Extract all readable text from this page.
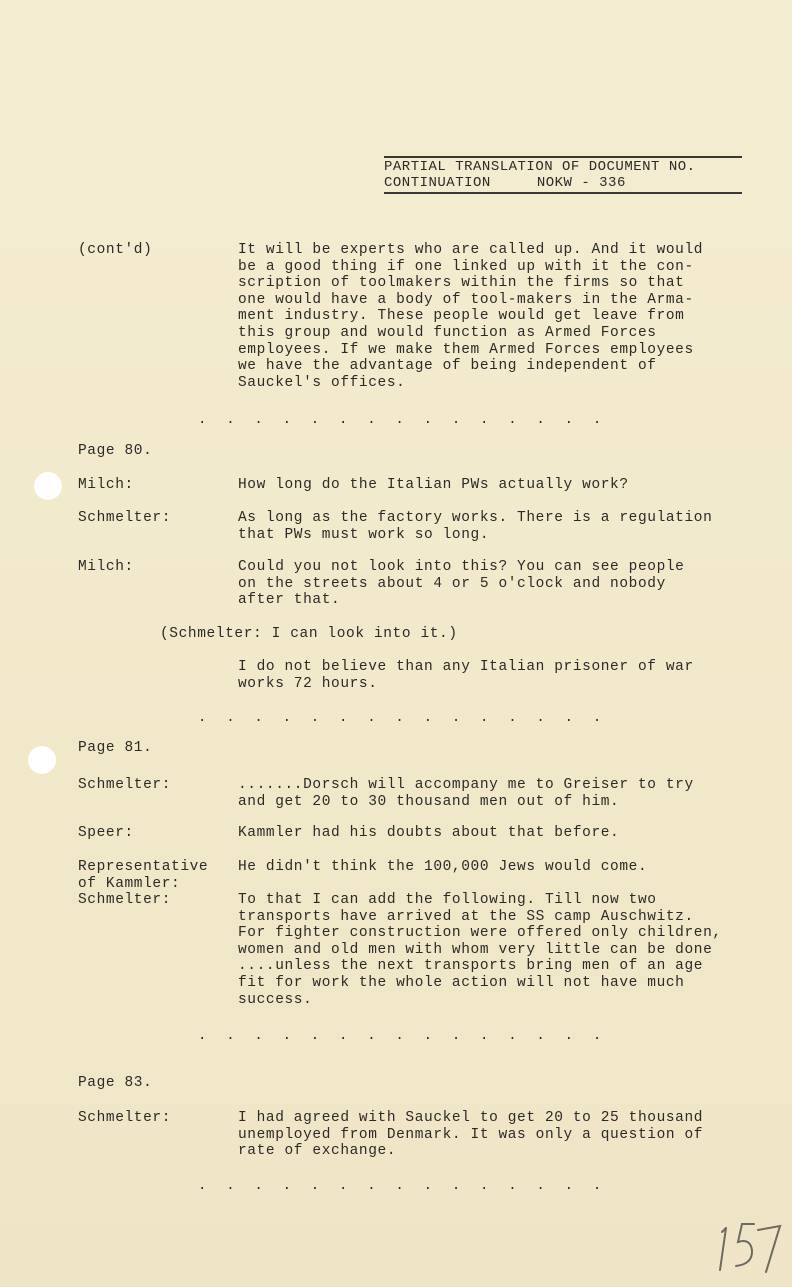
PARTIAL TRANSLATION OF DOCUMENT NO.
CONTINUATION	NOKW - 336
(cont'd)	It will be experts who are called up. And it would
be a good thing if one linked up with it the con-
scription of toolmakers within the firms so that
one would have a body of tool-makers in the Arma-
ment industry. These people would get leave from
this group and would function as Armed Forces
employees. If we make them Armed Forces employees
we have the advantage of being independent of
Sauckel's offices.
. . . . . . . . . . . . . . .
Page 80.
Milch:	How long do the Italian PWs actually work?
Schmelter:	As long as the factory works. There is a regulation
that PWs must work so long.
Milch:	Could you not look into this? You can see people
on the streets about 4 or 5 o'clock and nobody
after that.
(Schmelter: I can look into it.)
I do not believe than any Italian prisoner of war
works 72 hours.
. . . . . . . . . . . . . . .
Page 81.
Schmelter:	.......Dorsch will accompany me to Greiser to try
and get 20 to 30 thousand men out of him.
Speer:	Kammler had his doubts about that before.
Representative
of Kammler:
He didn't think the 100,000 Jews would come.
Schmelter:	To that I can add the following. Till now two
transports have arrived at the SS camp Auschwitz.
For fighter construction were offered only children,
women and old men with whom very little can be done
....unless the next transports bring men of an age
fit for work the whole action will not have much
success.
. . . . . . . . . . . . . . .
Page 83.
Schmelter:	I had agreed with Sauckel to get 20 to 25 thousand
unemployed from Denmark. It was only a question of
rate of exchange.
. . . . . . . . . . . . . . .
